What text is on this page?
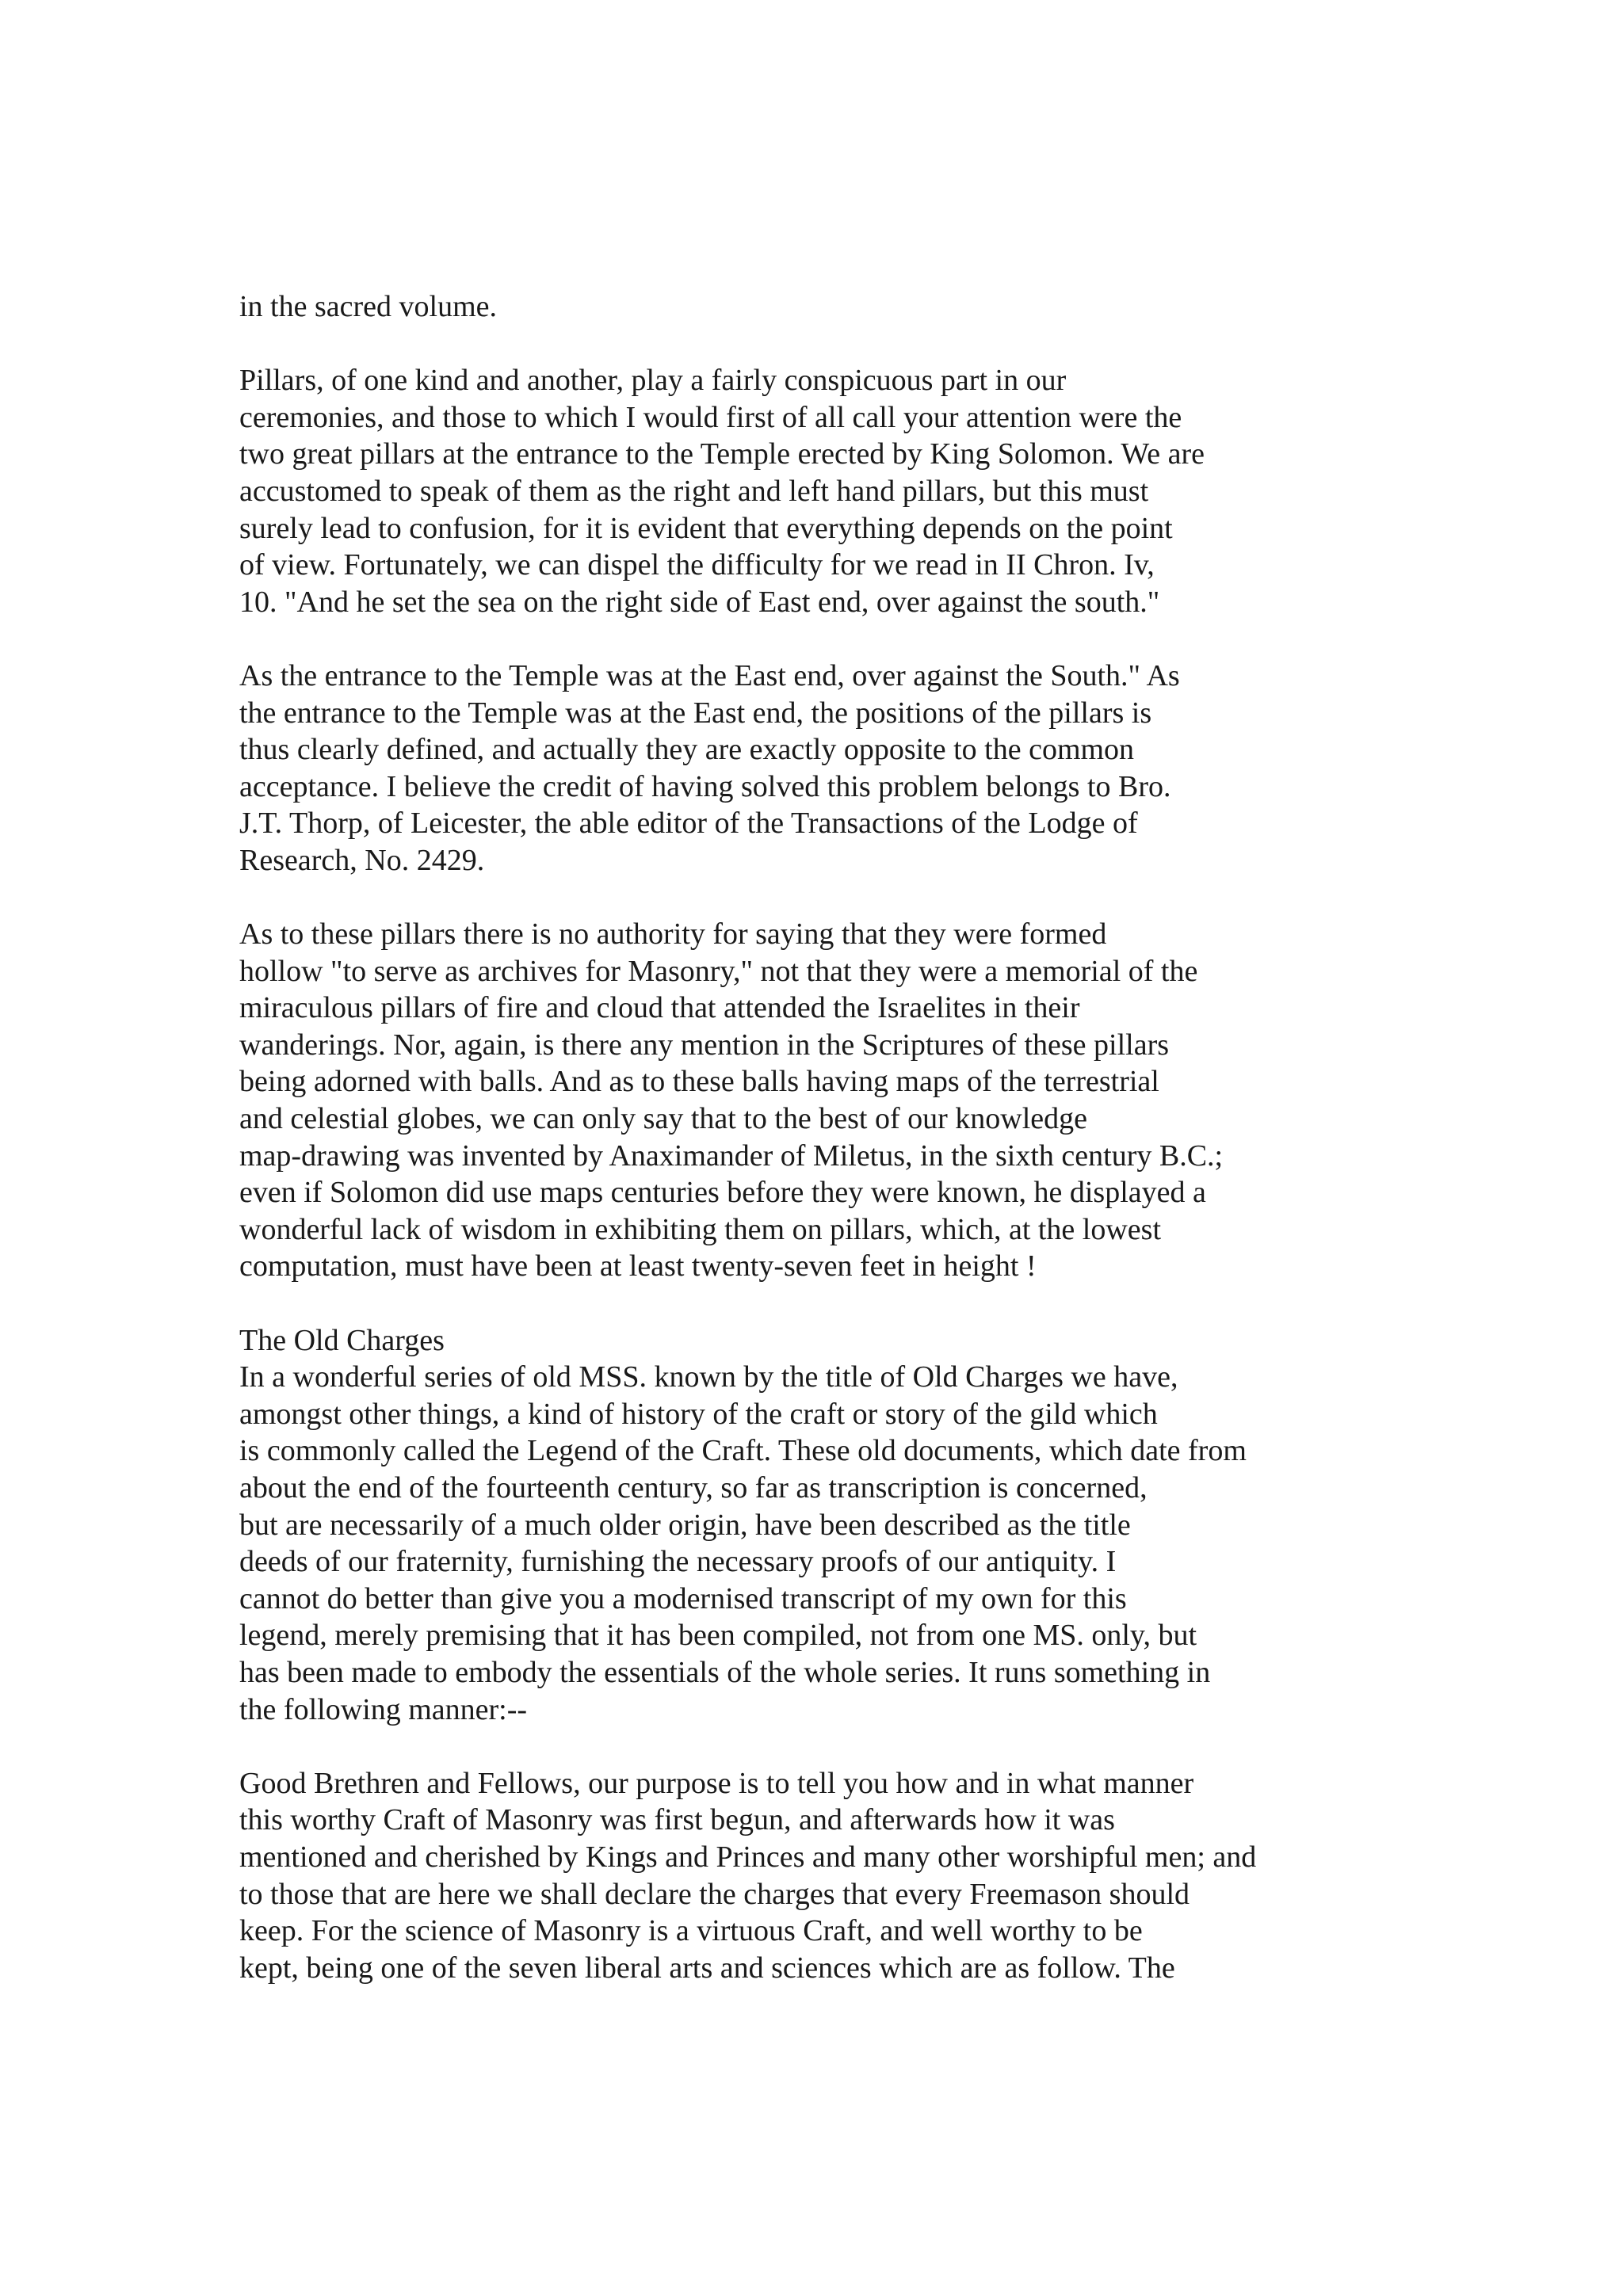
in the sacred volume.
Pillars, of one kind and another, play a fairly conspicuous part in our
ceremonies, and those to which I would first of all call your attention were the
two great pillars at the entrance to the Temple erected by King Solomon. We are
accustomed to speak of them as the right and left hand pillars, but this must
surely lead to confusion, for it is evident that everything depends on the point
of view. Fortunately, we can dispel the difficulty for we read in II Chron. Iv,
10. "And he set the sea on the right side of East end, over against the south."
As the entrance to the Temple was at the East end, over against the South." As
the entrance to the Temple was at the East end, the positions of the pillars is
thus clearly defined, and actually they are exactly opposite to the common
acceptance. I believe the credit of having solved this problem belongs to Bro.
J.T. Thorp, of Leicester, the able editor of the Transactions of the Lodge of
Research, No. 2429.
As to these pillars there is no authority for saying that they were formed
hollow "to serve as archives for Masonry," not that they were a memorial of the
miraculous pillars of fire and cloud that attended the Israelites in their
wanderings. Nor, again, is there any mention in the Scriptures of these pillars
being adorned with balls. And as to these balls having maps of the terrestrial
and celestial globes, we can only say that to the best of our knowledge
map-drawing was invented by Anaximander of Miletus, in the sixth century B.C.;
even if Solomon did use maps centuries before they were known, he displayed a
wonderful lack of wisdom in exhibiting them on pillars, which, at the lowest
computation, must have been at least twenty-seven feet in height !
The Old Charges
In a wonderful series of old MSS. known by the title of Old Charges we have,
amongst other things, a kind of history of the craft or story of the gild which
is commonly called the Legend of the Craft. These old documents, which date from
about the end of the fourteenth century, so far as transcription is concerned,
but are necessarily of a much older origin, have been described as the title
deeds of our fraternity, furnishing the necessary proofs of our antiquity. I
cannot do better than give you a modernised transcript of my own for this
legend, merely premising that it has been compiled, not from one MS. only, but
has been made to embody the essentials of the whole series. It runs something in
the following manner:--
Good Brethren and Fellows, our purpose is to tell you how and in what manner
this worthy Craft of Masonry was first begun, and afterwards how it was
mentioned and cherished by Kings and Princes and many other worshipful men; and
to those that are here we shall declare the charges that every Freemason should
keep. For the science of Masonry is a virtuous Craft, and well worthy to be
kept, being one of the seven liberal arts and sciences which are as follow. The
